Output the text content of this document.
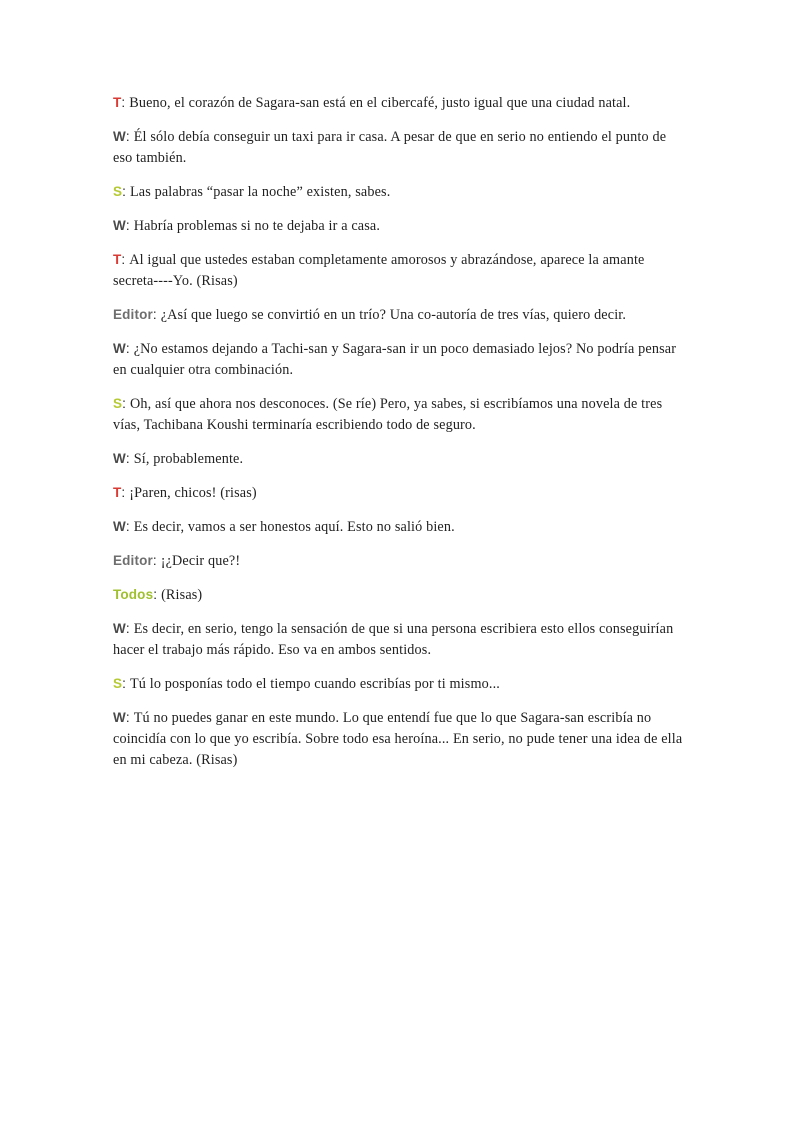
T: Bueno, el corazón de Sagara-san está en el cibercafé, justo igual que una ciudad natal.

W: Él sólo debía conseguir un taxi para ir casa. A pesar de que en serio no entiendo el punto de eso también.

S: Las palabras “pasar la noche” existen, sabes.

W: Habría problemas si no te dejaba ir a casa.

T: Al igual que ustedes estaban completamente amorosos y abrazándose, aparece la amante secreta----Yo. (Risas)

Editor: ¿Así que luego se convirtió en un trío? Una co-autoría de tres vías, quiero decir.

W: ¿No estamos dejando a Tachi-san y Sagara-san ir un poco demasiado lejos? No podría pensar en cualquier otra combinación.

S: Oh, así que ahora nos desconoces. (Se ríe) Pero, ya sabes, si escribíamos una novela de tres vías, Tachibana Koushi terminaría escribiendo todo de seguro.

W: Sí, probablemente.

T: ¡Paren, chicos! (risas)

W: Es decir, vamos a ser honestos aquí. Esto no salió bien.

Editor: ¡¿Decir que?!

Todos: (Risas)

W: Es decir, en serio, tengo la sensación de que si una persona escribiera esto ellos conseguirían hacer el trabajo más rápido. Eso va en ambos sentidos.

S: Tú lo posponías todo el tiempo cuando escribías por ti mismo...

W: Tú no puedes ganar en este mundo. Lo que entendí fue que lo que Sagara-san escribía no coincidía con lo que yo escribía. Sobre todo esa heroína... En serio, no pude tener una idea de ella en mi cabeza. (Risas)
